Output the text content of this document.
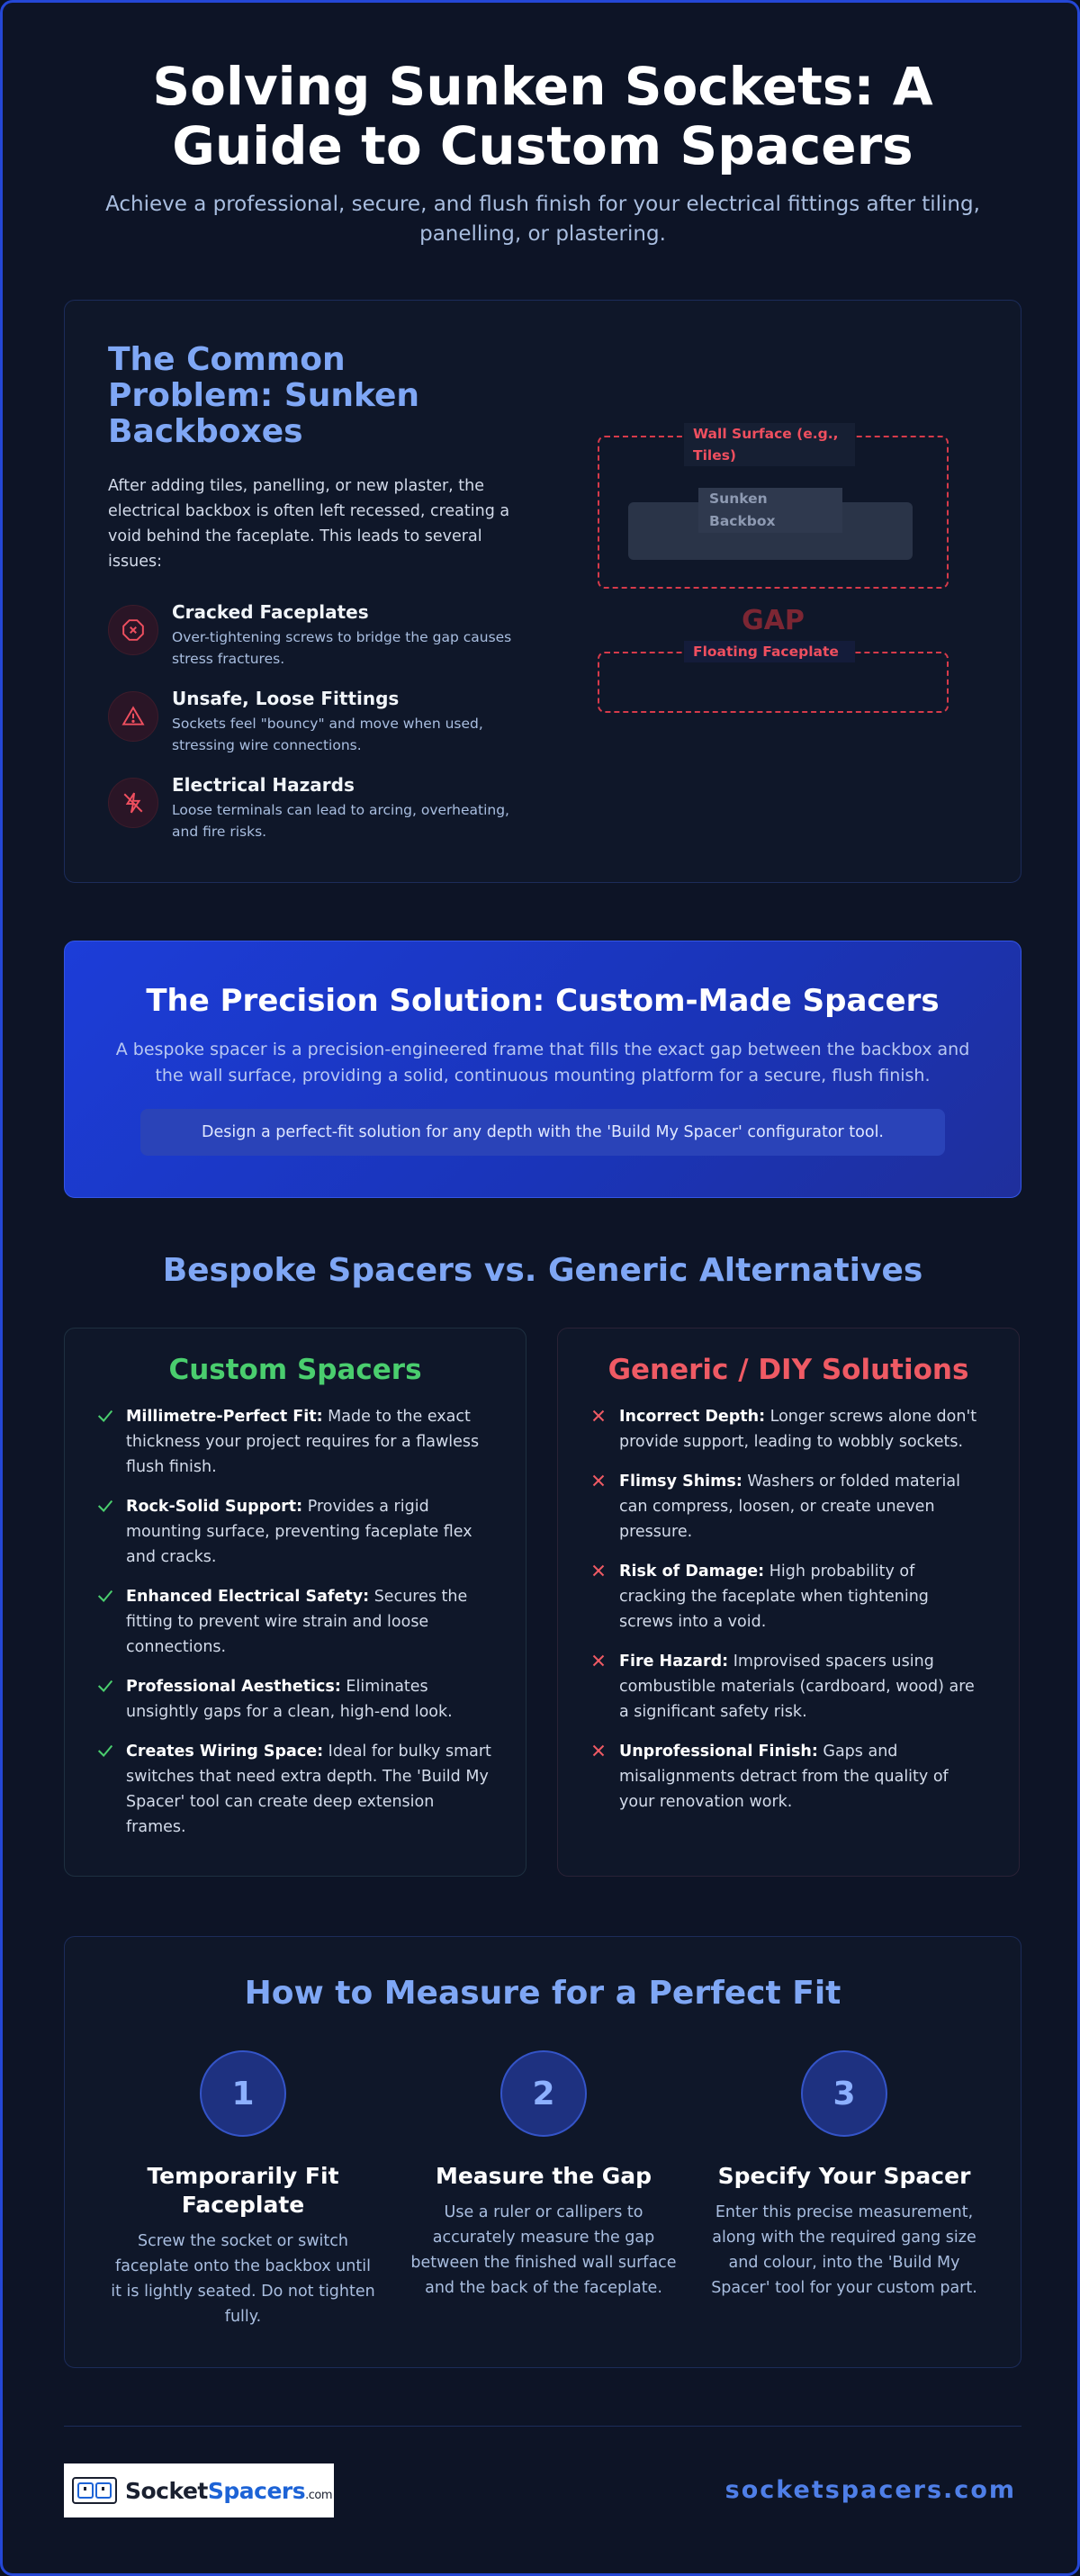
Solving Sunken Sockets: A Guide to Custom Spacers

Achieve a professional, secure, and flush finish for your electrical fittings after tiling, panelling, or plastering.

The Common Problem: Sunken Backboxes

After adding tiles, panelling, or new plaster, the electrical backbox is often left recessed, creating a void behind the faceplate. This leads to several issues:

Cracked Faceplates
Over-tightening screws to bridge the gap causes stress fractures.
Unsafe, Loose Fittings
Sockets feel "bouncy" and move when used, stressing wire connections.
Electrical Hazards
Loose terminals can lead to arcing, overheating, and fire risks.
Wall Surface (e.g., Tiles)
Sunken Backbox
GAP
Floating Faceplate
The Precision Solution: Custom-Made Spacers

A bespoke spacer is a precision-engineered frame that fills the exact gap between the backbox and the wall surface, providing a solid, continuous mounting platform for a secure, flush finish.

Design a perfect-fit solution for any depth with the 'Build My Spacer' configurator tool.
Bespoke Spacers vs. Generic Alternatives
Custom Spacers
Millimetre-Perfect Fit: Made to the exact thickness your project requires for a flawless flush finish.
Rock-Solid Support: Provides a rigid mounting surface, preventing faceplate flex and cracks.
Enhanced Electrical Safety: Secures the fitting to prevent wire strain and loose connections.
Professional Aesthetics: Eliminates unsightly gaps for a clean, high-end look.
Creates Wiring Space: Ideal for bulky smart switches that need extra depth. The 'Build My Spacer' tool can create deep extension frames.
Generic / DIY Solutions
Incorrect Depth: Longer screws alone don't provide support, leading to wobbly sockets.
Flimsy Shims: Washers or folded material can compress, loosen, or create uneven pressure.
Risk of Damage: High probability of cracking the faceplate when tightening screws into a void.
Fire Hazard: Improvised spacers using combustible materials (cardboard, wood) are a significant safety risk.
Unprofessional Finish: Gaps and misalignments detract from the quality of your renovation work.
How to Measure for a Perfect Fit
1
Temporarily Fit Faceplate

Screw the socket or switch faceplate onto the backbox until it is lightly seated. Do not tighten fully.

2
Measure the Gap

Use a ruler or callipers to accurately measure the gap between the finished wall surface and the back of the faceplate.

3
Specify Your Spacer

Enter this precise measurement, along with the required gang size and colour, into the 'Build My Spacer' tool for your custom part.

SocketSpacers.com	socketspacers.com
